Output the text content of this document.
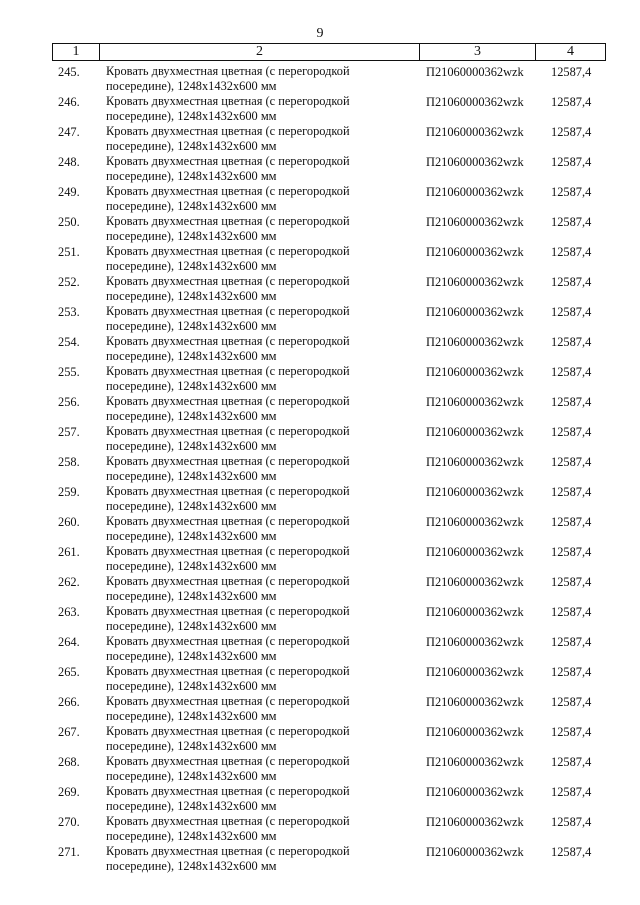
9
1	2	3	4
245. Кровать двухместная цветная (с перегородкой
посередине), 1248x1432x600 мм
П21060000362wzk 12587,4
246. Кровать двухместная цветная (с перегородкой
посередине), 1248x1432x600 мм
П21060000362wzk 12587,4
247. Кровать двухместная цветная (с перегородкой
посередине), 1248x1432x600 мм
П21060000362wzk 12587,4
248. Кровать двухместная цветная (с перегородкой
посередине), 1248x1432x600 мм
П21060000362wzk 12587,4
249. Кровать двухместная цветная (с перегородкой
посередине), 1248x1432x600 мм
П21060000362wzk 12587,4
250. Кровать двухместная цветная (с перегородкой
посередине), 1248x1432x600 мм
П21060000362wzk 12587,4
251. Кровать двухместная цветная (с перегородкой
посередине), 1248x1432x600 мм
П21060000362wzk 12587,4
252. Кровать двухместная цветная (с перегородкой
посередине), 1248x1432x600 мм
П21060000362wzk 12587,4
253. Кровать двухместная цветная (с перегородкой
посередине), 1248x1432x600 мм
П21060000362wzk 12587,4
254. Кровать двухместная цветная (с перегородкой
посередине), 1248x1432x600 мм
П21060000362wzk 12587,4
255. Кровать двухместная цветная (с перегородкой
посередине), 1248x1432x600 мм
П21060000362wzk 12587,4
256. Кровать двухместная цветная (с перегородкой
посередине), 1248x1432x600 мм
П21060000362wzk 12587,4
257. Кровать двухместная цветная (с перегородкой
посередине), 1248x1432x600 мм
П21060000362wzk 12587,4
258. Кровать двухместная цветная (с перегородкой
посередине), 1248x1432x600 мм
П21060000362wzk 12587,4
259. Кровать двухместная цветная (с перегородкой
посередине), 1248x1432x600 мм
П21060000362wzk 12587,4
260. Кровать двухместная цветная (с перегородкой
посередине), 1248x1432x600 мм
П21060000362wzk 12587,4
261. Кровать двухместная цветная (с перегородкой
посередине), 1248x1432x600 мм
П21060000362wzk 12587,4
262. Кровать двухместная цветная (с перегородкой
посередине), 1248x1432x600 мм
П21060000362wzk 12587,4
263. Кровать двухместная цветная (с перегородкой
посередине), 1248x1432x600 мм
П21060000362wzk 12587,4
264. Кровать двухместная цветная (с перегородкой
посередине), 1248x1432x600 мм
П21060000362wzk 12587,4
265. Кровать двухместная цветная (с перегородкой
посередине), 1248x1432x600 мм
П21060000362wzk 12587,4
266. Кровать двухместная цветная (с перегородкой
посередине), 1248x1432x600 мм
П21060000362wzk 12587,4
267. Кровать двухместная цветная (с перегородкой
посередине), 1248x1432x600 мм
П21060000362wzk 12587,4
268. Кровать двухместная цветная (с перегородкой
посередине), 1248x1432x600 мм
П21060000362wzk 12587,4
269. Кровать двухместная цветная (с перегородкой
посередине), 1248x1432x600 мм
П21060000362wzk 12587,4
270. Кровать двухместная цветная (с перегородкой
посередине), 1248x1432x600 мм
П21060000362wzk 12587,4
271. Кровать двухместная цветная (с перегородкой
посередине), 1248x1432x600 мм
П21060000362wzk 12587,4
